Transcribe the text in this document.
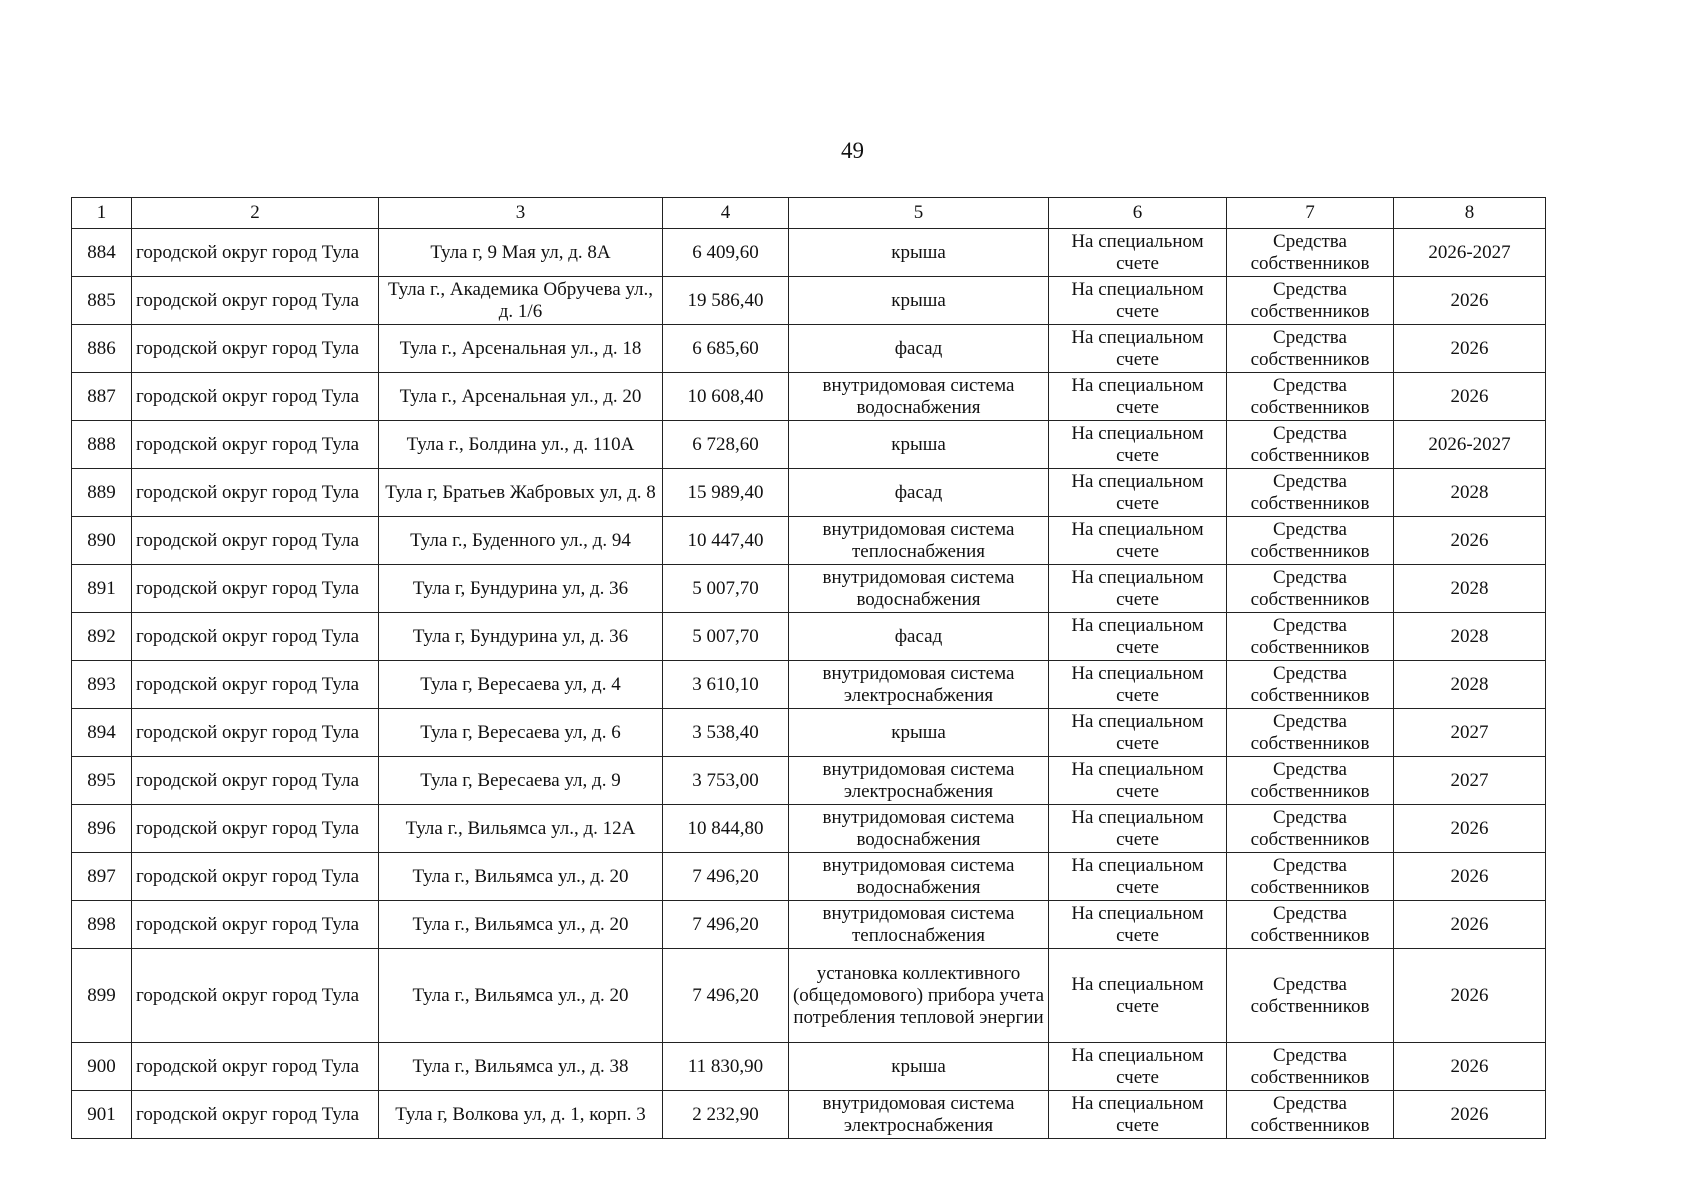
49
1	2	3	4	5	6	7	8
884	городской округ город Тула	Тула г, 9 Мая ул, д. 8А	6 409,60	крыша	На специальном счете	Средства собственников	2026-2027
885	городской округ город Тула	Тула г., Академика Обручева ул., д. 1/6	19 586,40	крыша	На специальном счете	Средства собственников	2026
886	городской округ город Тула	Тула г., Арсенальная ул., д. 18	6 685,60	фасад	На специальном счете	Средства собственников	2026
887	городской округ город Тула	Тула г., Арсенальная ул., д. 20	10 608,40	внутридомовая система водоснабжения	На специальном счете	Средства собственников	2026
888	городской округ город Тула	Тула г., Болдина ул., д. 110А	6 728,60	крыша	На специальном счете	Средства собственников	2026-2027
889	городской округ город Тула	Тула г, Братьев Жабровых ул, д. 8	15 989,40	фасад	На специальном счете	Средства собственников	2028
890	городской округ город Тула	Тула г., Буденного ул., д. 94	10 447,40	внутридомовая система теплоснабжения	На специальном счете	Средства собственников	2026
891	городской округ город Тула	Тула г, Бундурина ул, д. 36	5 007,70	внутридомовая система водоснабжения	На специальном счете	Средства собственников	2028
892	городской округ город Тула	Тула г, Бундурина ул, д. 36	5 007,70	фасад	На специальном счете	Средства собственников	2028
893	городской округ город Тула	Тула г, Вересаева ул, д. 4	3 610,10	внутридомовая система электроснабжения	На специальном счете	Средства собственников	2028
894	городской округ город Тула	Тула г, Вересаева ул, д. 6	3 538,40	крыша	На специальном счете	Средства собственников	2027
895	городской округ город Тула	Тула г, Вересаева ул, д. 9	3 753,00	внутридомовая система электроснабжения	На специальном счете	Средства собственников	2027
896	городской округ город Тула	Тула г., Вильямса ул., д. 12А	10 844,80	внутридомовая система водоснабжения	На специальном счете	Средства собственников	2026
897	городской округ город Тула	Тула г., Вильямса ул., д. 20	7 496,20	внутридомовая система водоснабжения	На специальном счете	Средства собственников	2026
898	городской округ город Тула	Тула г., Вильямса ул., д. 20	7 496,20	внутридомовая система теплоснабжения	На специальном счете	Средства собственников	2026
899	городской округ город Тула	Тула г., Вильямса ул., д. 20	7 496,20	установка коллективного (общедомового) прибора учета потребления тепловой энергии	На специальном счете	Средства собственников	2026
900	городской округ город Тула	Тула г., Вильямса ул., д. 38	11 830,90	крыша	На специальном счете	Средства собственников	2026
901	городской округ город Тула	Тула г, Волкова ул, д. 1, корп. 3	2 232,90	внутридомовая система электроснабжения	На специальном счете	Средства собственников	2026
